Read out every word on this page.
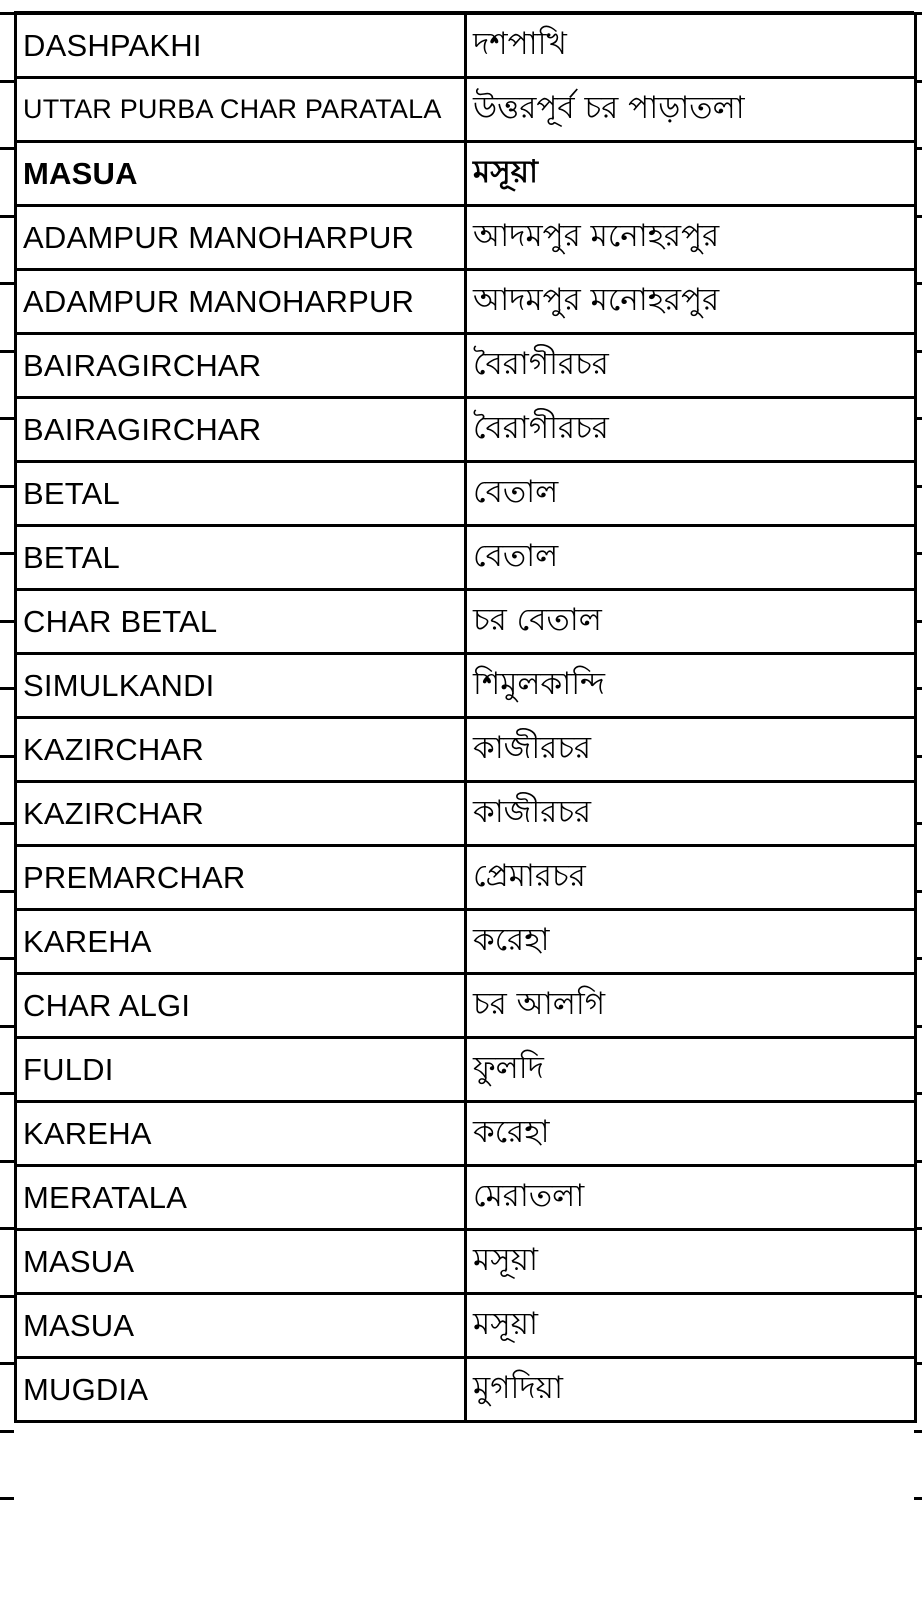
DASHPAKHI	দশপাখি
UTTAR PURBA CHAR PARATALA	উত্তরপূর্ব চর পাড়াতলা
MASUA	মসূয়া
ADAMPUR MANOHARPUR	আদমপুর মনোহরপুর
ADAMPUR MANOHARPUR	আদমপুর মনোহরপুর
BAIRAGIRCHAR	বৈরাগীরচর
BAIRAGIRCHAR	বৈরাগীরচর
BETAL	বেতাল
BETAL	বেতাল
CHAR BETAL	চর বেতাল
SIMULKANDI	শিমুলকান্দি
KAZIRCHAR	কাজীরচর
KAZIRCHAR	কাজীরচর
PREMARCHAR	প্রেমারচর
KAREHA	করেহা
CHAR ALGI	চর আলগি
FULDI	ফুলদি
KAREHA	করেহা
MERATALA	মেরাতলা
MASUA	মসূয়া
MASUA	মসূয়া
MUGDIA	মুগদিয়া
